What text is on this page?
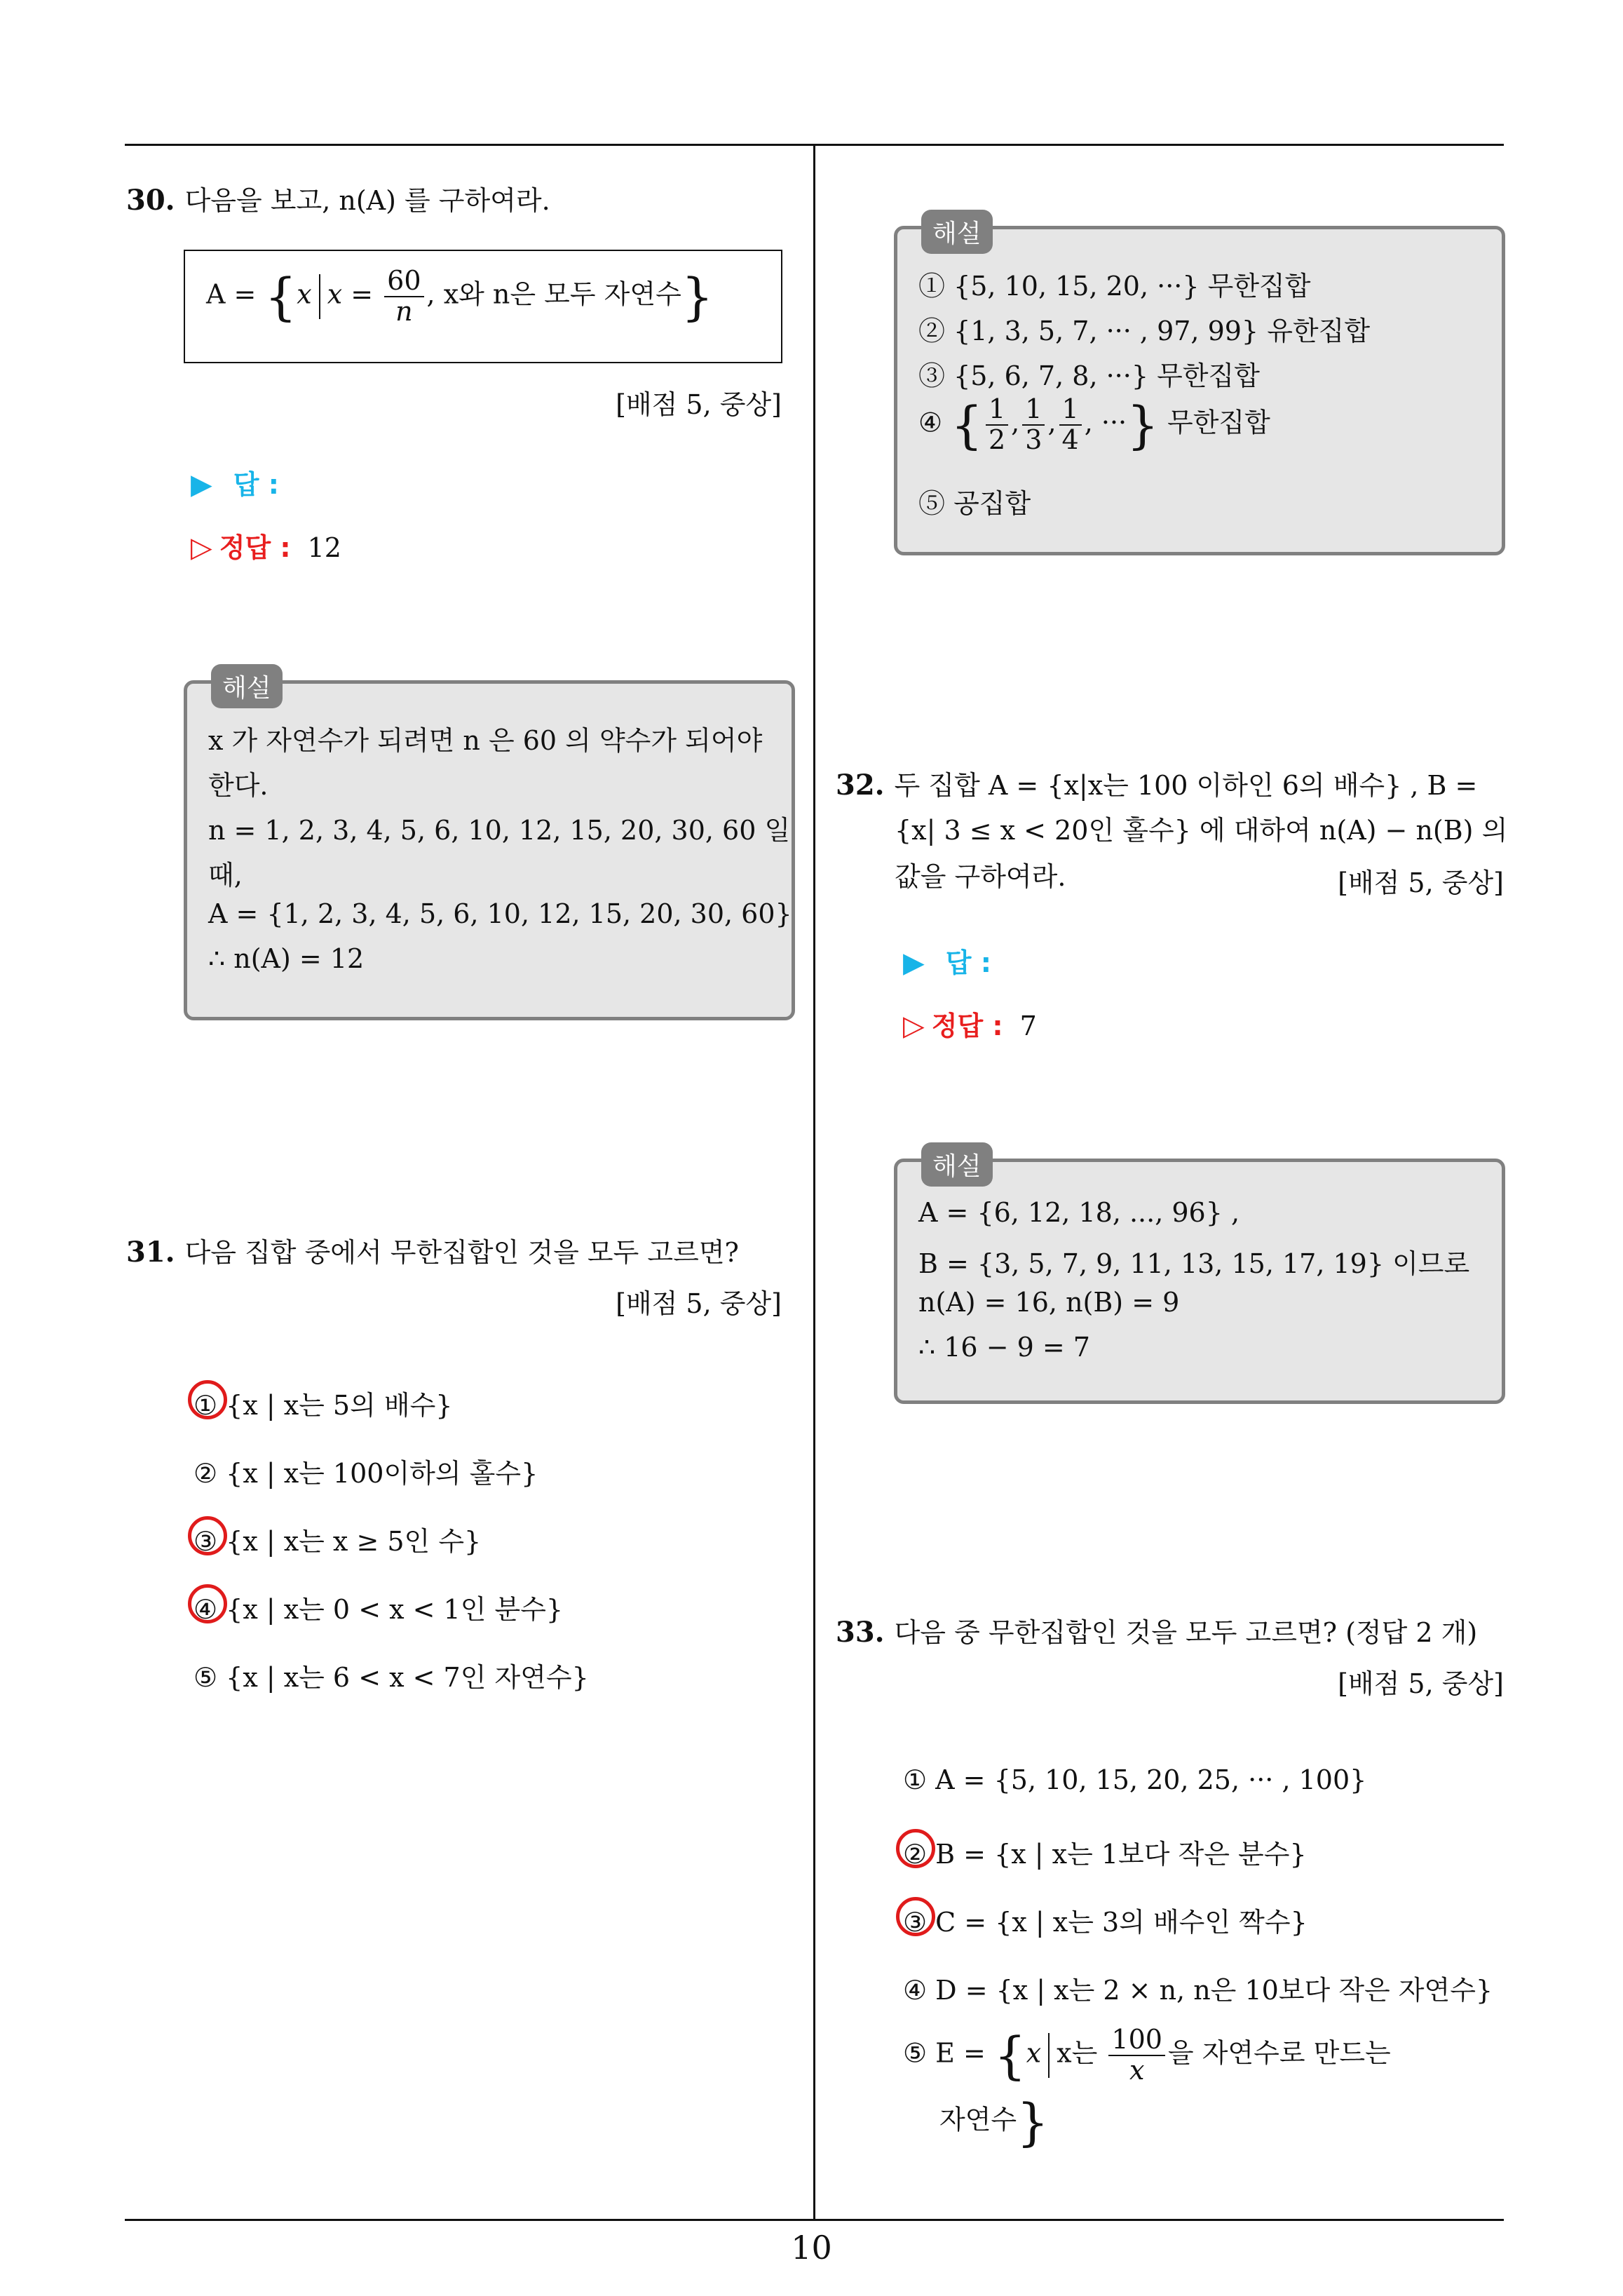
10
30. 다음을 보고, n(A) 를 구하여라.
A = {x $x = \frac{60}{n}$ , x와 n은 모두 자연수}
[배점 5, 중상]
▶ 답 :
▷ 정답 : 12
해설
x 가 자연수가 되려면 n 은 60 의 약수가 되어야
한다.
n = 1, 2, 3, 4, 5, 6, 10, 12, 15, 20, 30, 60 일
때,
A = {1, 2, 3, 4, 5, 6, 10, 12, 15, 20, 30, 60}
∴ n(A) = 12
31. 다음 집합 중에서 무한집합인 것을 모두 고르면?
[배점 5, 중상]
① {x | x는 5의 배수}
② {x | x는 100이하의 홀수}
③ {x | x는 x ≥ 5인 수}
④ {x | x는 0 < x < 1인 분수}
⑤ {x | x는 6 < x < 7인 자연수}
해설
① {5, 10, 15, 20, ···} 무한집합
② {1, 3, 5, 7, ··· , 97, 99} 유한집합
③ {5, 6, 7, 8, ···} 무한집합
④ { $\frac{1}{2}$ , $\frac{1}{3}$ , $\frac{1}{4}$ , ···} 무한집합
⑤ 공집합
32. 두 집합 A = {x|x는 100 이하인 6의 배수} , B =
{x| 3 ≤ x < 20인 홀수} 에 대하여 n(A) − n(B) 의
값을 구하여라.	[배점 5, 중상]
▶ 답 :
▷ 정답 : 7
해설
A = {6, 12, 18, ..., 96} ,
B = {3, 5, 7, 9, 11, 13, 15, 17, 19} 이므로
n(A) = 16, n(B) = 9
∴ 16 − 9 = 7
33. 다음 중 무한집합인 것을 모두 고르면? (정답 2 개)
[배점 5, 중상]
① A = {5, 10, 15, 20, 25, ··· , 100}
② B = {x | x는 1보다 작은 분수}
③ C = {x | x는 3의 배수인 짝수}
④ D = {x | x는 2 × n, n은 10보다 작은 자연수}
⑤ E = {x x는 $\frac{100}{x}$ 을 자연수로 만드는
자연수}
